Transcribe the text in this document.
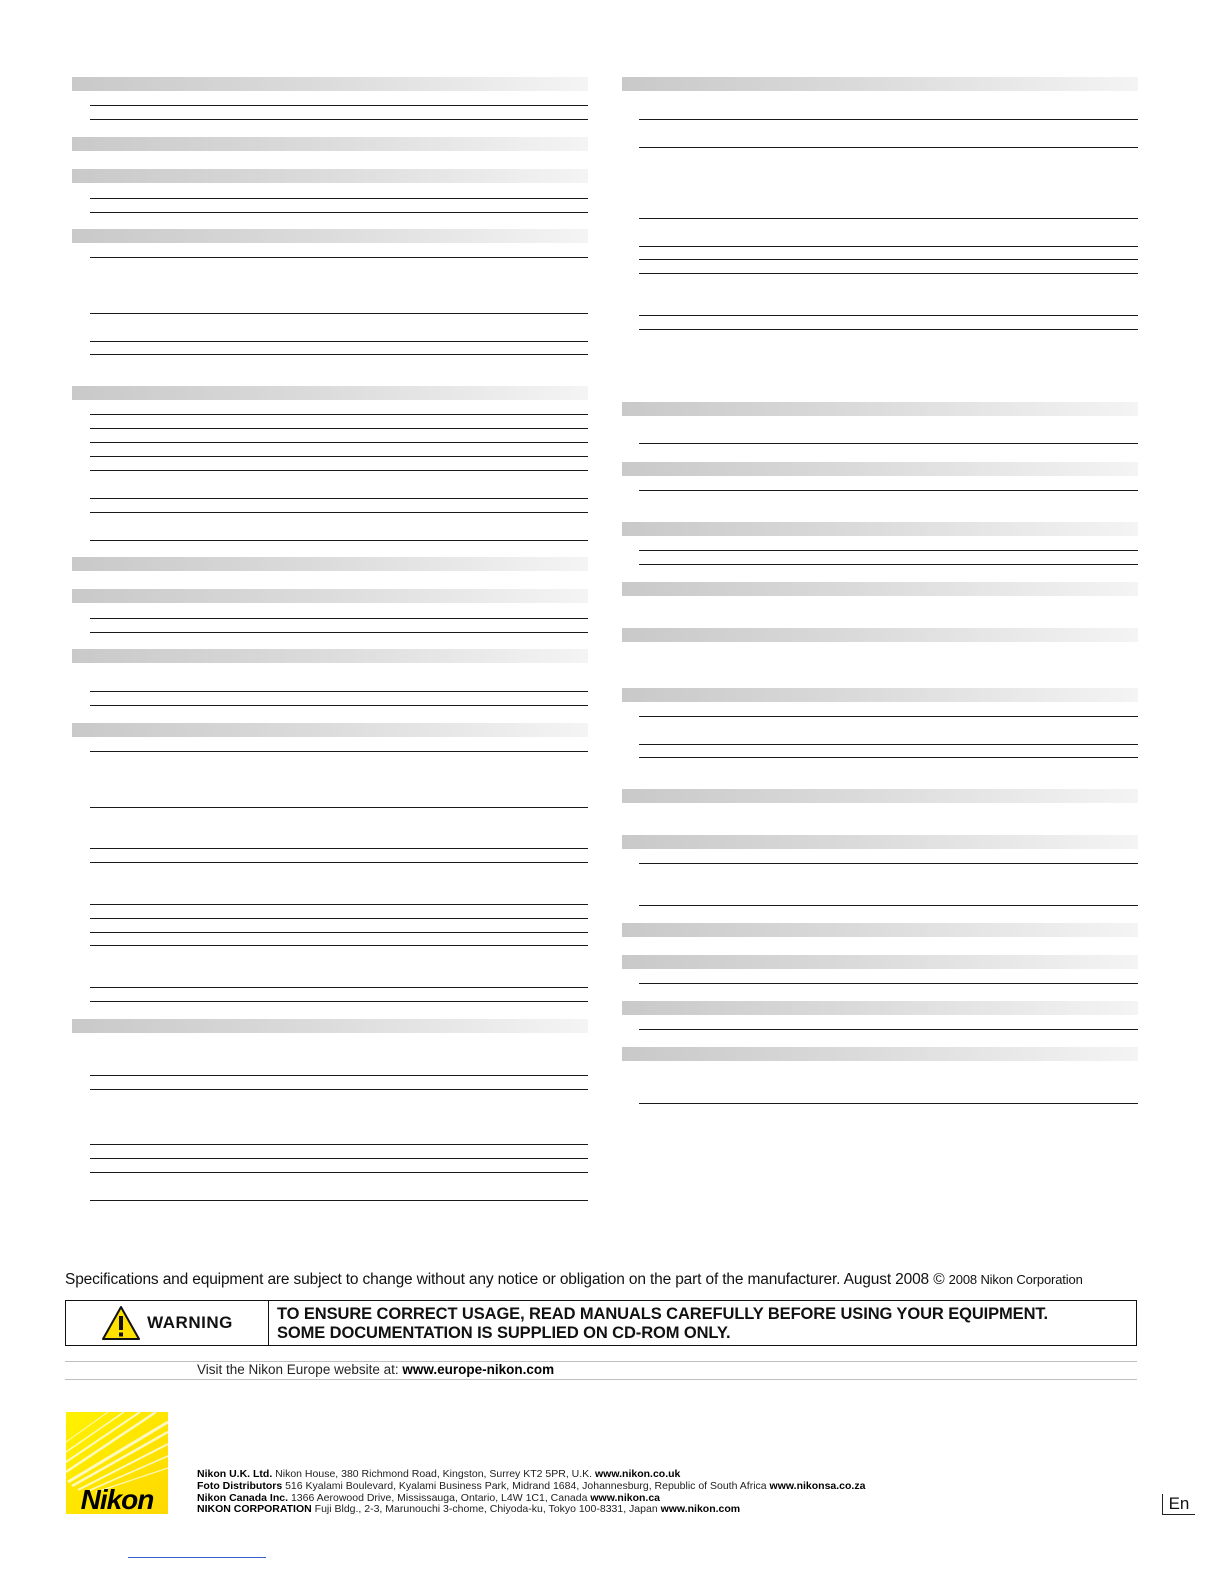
Specifications and equipment are subject to change without any notice or obligation on the part of the manufacturer. August 2008 © 2008 Nikon Corporation
WARNING	TO ENSURE CORRECT USAGE, READ MANUALS CAREFULLY BEFORE USING YOUR EQUIPMENT.
SOME DOCUMENTATION IS SUPPLIED ON CD-ROM ONLY.
Visit the Nikon Europe website at: www.europe-nikon.com
Nikon
Nikon U.K. Ltd. Nikon House, 380 Richmond Road, Kingston, Surrey KT2 5PR, U.K. www.nikon.co.uk
Foto Distributors 516 Kyalami Boulevard, Kyalami Business Park, Midrand 1684, Johannesburg, Republic of South Africa www.nikonsa.co.za
Nikon Canada Inc. 1366 Aerowood Drive, Mississauga, Ontario, L4W 1C1, Canada www.nikon.ca
NIKON CORPORATION Fuji Bldg., 2-3, Marunouchi 3-chome, Chiyoda-ku, Tokyo 100-8331, Japan www.nikon.com	En
